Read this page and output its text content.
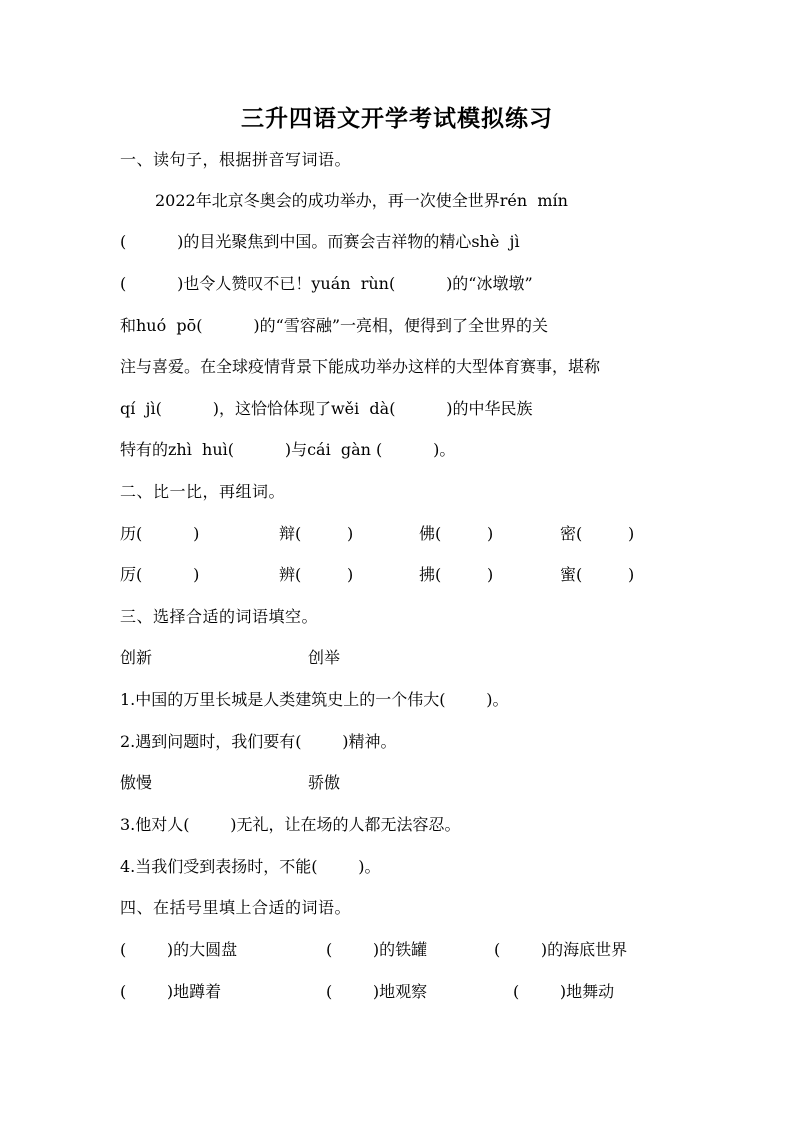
三升四语文开学考试模拟练习
一、读句子，根据拼音写词语。
2022年北京冬奥会的成功举办，再一次使全世界rén  mín
(          )的目光聚焦到中国。而赛会吉祥物的精心shè  jì
(          )也令人赞叹不已！yuán  rùn(          )的“冰墩墩”
和huó  pō(          )的“雪容融”一亮相，便得到了全世界的关
注与喜爱。在全球疫情背景下能成功举办这样的大型体育赛事，堪称
qí  jì(          )，这恰恰体现了wěi  dà(          )的中华民族
特有的zhì  huì(          )与cái  gàn (          )。
二、比一比，再组词。
历(          )	辩(         )	佛(         )	密(         )
厉(          )	辨(         )	拂(         )	蜜(         )
三、选择合适的词语填空。
创新	创举
1.中国的万里长城是人类建筑史上的一个伟大(        )。
2.遇到问题时，我们要有(        )精神。
傲慢	骄傲
3.他对人(        )无礼，让在场的人都无法容忍。
4.当我们受到表扬时，不能(        )。
四、在括号里填上合适的词语。
(        )的大圆盘	(        )的铁罐	(        )的海底世界
(        )地蹲着	(        )地观察	(        )地舞动
